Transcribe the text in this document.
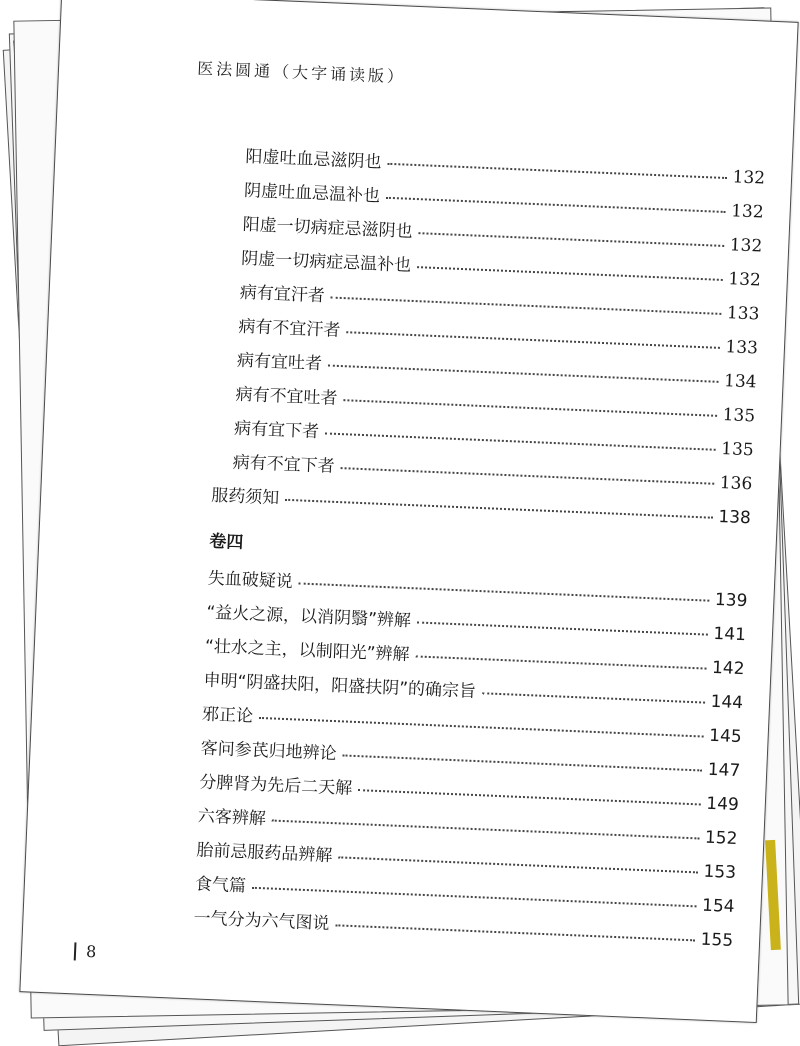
医法圆通（大字诵读版）
阳虚吐血忌滋阴也
132
阴虚吐血忌温补也
132
阳虚一切病症忌滋阴也
132
阴虚一切病症忌温补也
132
病有宜汗者
133
病有不宜汗者
133
病有宜吐者
134
病有不宜吐者
135
病有宜下者
135
病有不宜下者
136
服药须知
138
卷四
失血破疑说
139
“益火之源，以消阴翳”辨解
141
“壮水之主，以制阳光”辨解
142
申明“阴盛扶阳，阳盛扶阴”的确宗旨
144
邪正论
145
客问参芪归地辨论
147
分脾肾为先后二天解
149
六客辨解
152
胎前忌服药品辨解
153
食气篇
154
一气分为六气图说
155
8
